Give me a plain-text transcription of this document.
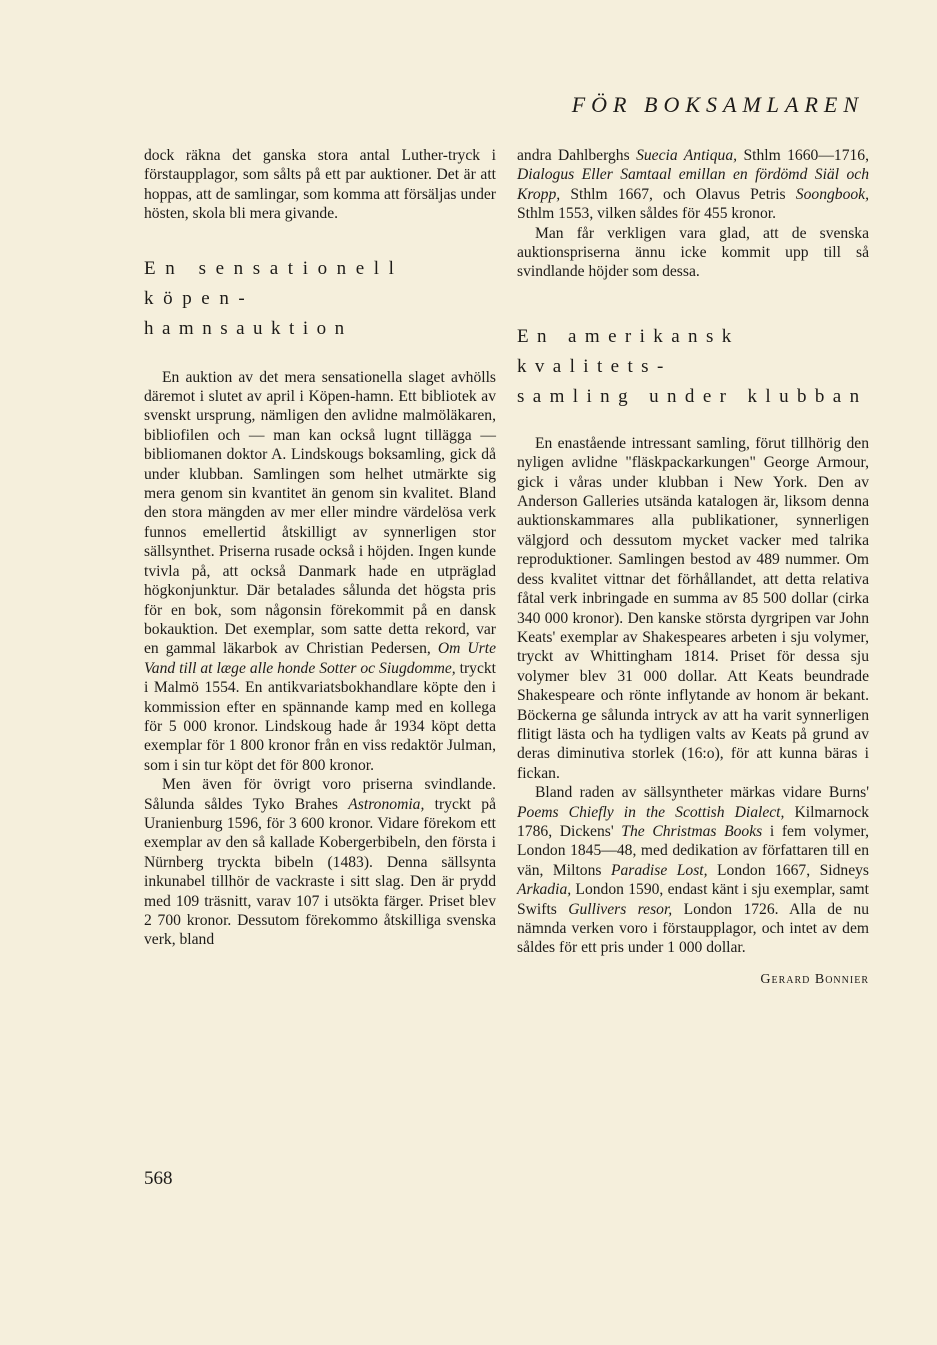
FÖR BOKSAMLAREN

dock räkna det ganska stora antal Luther-tryck i förstaupplagor, som sålts på ett par auktioner. Det är att hoppas, att de samlingar, som komma att försäljas under hösten, skola bli mera givande.

En sensationell köpen-
hamnsauktion

En auktion av det mera sensationella slaget avhölls däremot i slutet av april i Köpen-hamn. Ett bibliotek av svenskt ursprung, nämligen den avlidne malmöläkaren, bibliofilen och — man kan också lugnt tillägga — bibliomanen doktor A. Lindskougs boksamling, gick då under klubban. Samlingen som helhet utmärkte sig mera genom sin kvantitet än genom sin kvalitet. Bland den stora mängden av mer eller mindre värdelösa verk funnos emellertid åtskilligt av synnerligen stor sällsynthet. Priserna rusade också i höjden. Ingen kunde tvivla på, att också Danmark hade en utpräglad högkonjunktur. Där betalades sålunda det högsta pris för en bok, som någonsin förekommit på en dansk bokauktion. Det exemplar, som satte detta rekord, var en gammal läkarbok av Christian Pedersen, Om Urte Vand till at læge alle honde Sotter oc Siugdomme, tryckt i Malmö 1554. En antikvariatsbokhandlare köpte den i kommission efter en spännande kamp med en kollega för 5 000 kronor. Lindskoug hade år 1934 köpt detta exemplar för 1 800 kronor från en viss redaktör Julman, som i sin tur köpt det för 800 kronor.

Men även för övrigt voro priserna svindlande. Sålunda såldes Tyko Brahes Astronomia, tryckt på Uranienburg 1596, för 3 600 kronor. Vidare förekom ett exemplar av den så kallade Kobergerbibeln, den första i Nürnberg tryckta bibeln (1483). Denna sällsynta inkunabel tillhör de vackraste i sitt slag. Den är prydd med 109 träsnitt, varav 107 i utsökta färger. Priset blev 2 700 kronor. Dessutom förekommo åtskilliga svenska verk, bland

andra Dahlberghs Suecia Antiqua, Sthlm 1660—1716, Dialogus Eller Samtaal emillan en fördömd Siäl och Kropp, Sthlm 1667, och Olavus Petris Soongbook, Sthlm 1553, vilken såldes för 455 kronor.

Man får verkligen vara glad, att de svenska auktionspriserna ännu icke kommit upp till så svindlande höjder som dessa.

En amerikansk kvalitets-
samling under klubban

En enastående intressant samling, förut tillhörig den nyligen avlidne "fläskpackarkungen" George Armour, gick i våras under klubban i New York. Den av Anderson Galleries utsända katalogen är, liksom denna auktionskammares alla publikationer, synnerligen välgjord och dessutom mycket vacker med talrika reproduktioner. Samlingen bestod av 489 nummer. Om dess kvalitet vittnar det förhållandet, att detta relativa fåtal verk inbringade en summa av 85 500 dollar (cirka 340 000 kronor). Den kanske största dyrgripen var John Keats' exemplar av Shakespeares arbeten i sju volymer, tryckt av Whittingham 1814. Priset för dessa sju volymer blev 31 000 dollar. Att Keats beundrade Shakespeare och rönte inflytande av honom är bekant. Böckerna ge sålunda intryck av att ha varit synnerligen flitigt lästa och ha tydligen valts av Keats på grund av deras diminutiva storlek (16:o), för att kunna bäras i fickan.

Bland raden av sällsyntheter märkas vidare Burns' Poems Chiefly in the Scottish Dialect, Kilmarnock 1786, Dickens' The Christmas Books i fem volymer, London 1845—48, med dedikation av författaren till en vän, Miltons Paradise Lost, London 1667, Sidneys Arkadia, London 1590, endast känt i sju exemplar, samt Swifts Gullivers resor, London 1726. Alla de nu nämnda verken voro i förstaupplagor, och intet av dem såldes för ett pris under 1 000 dollar.

Gerard Bonnier
568
